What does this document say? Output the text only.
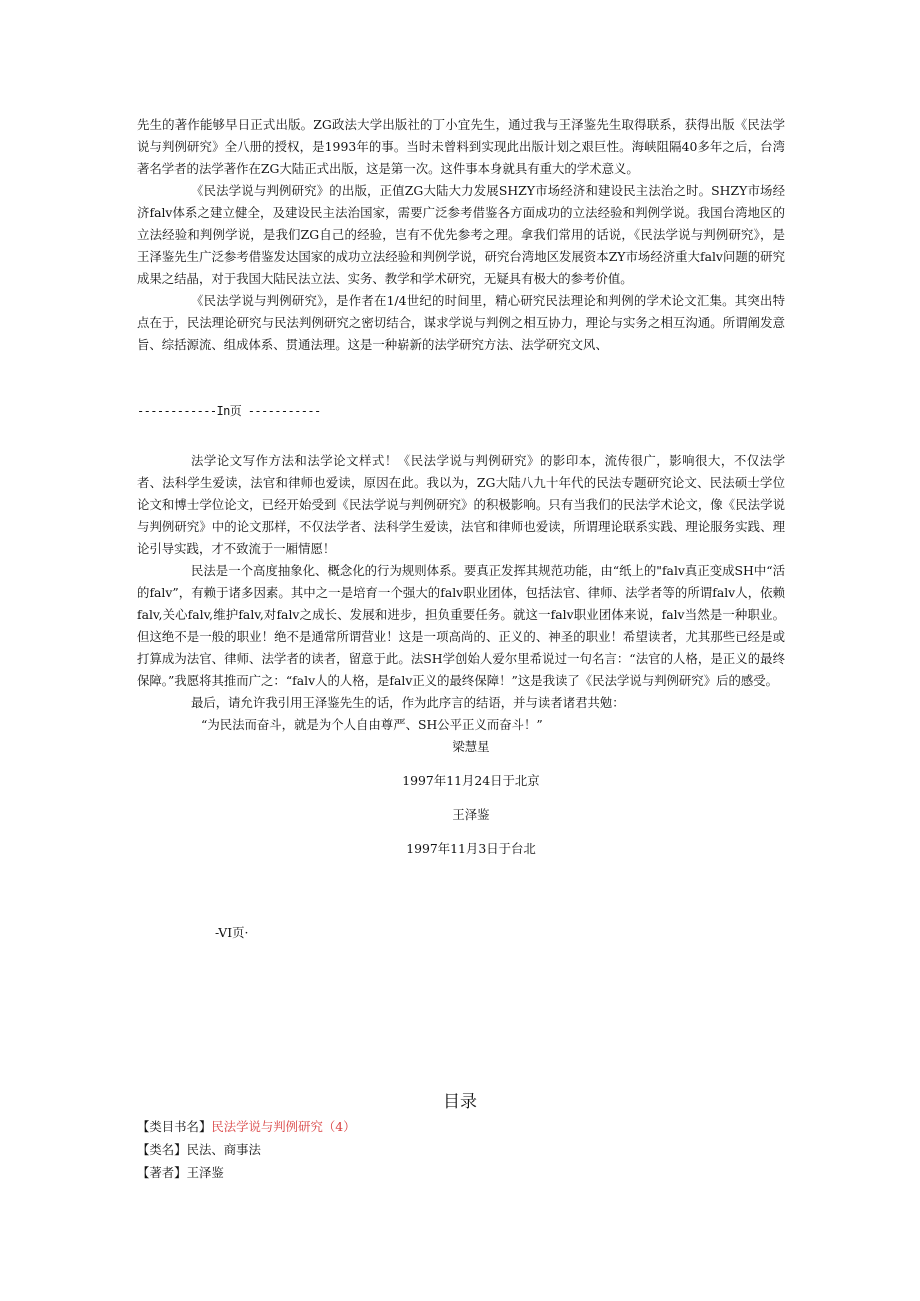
先生的著作能够早日正式出版。ZG政法大学出版社的丁小宜先生，通过我与王泽鉴先生取得联系，获得出版《民法学说与判例研究》全八册的授权，是1993年的事。当时未曾料到实现此出版计划之艰巨性。海峡阻隔40多年之后，台湾著名学者的法学著作在ZG大陆正式出版，这是第一次。这件事本身就具有重大的学术意义。

《民法学说与判例研究》的出版，正值ZG大陆大力发展SHZY市场经济和建设民主法治之时。SHZY市场经济falv体系之建立健全，及建设民主法治国家，需要广泛参考借鉴各方面成功的立法经验和判例学说。我国台湾地区的立法经验和判例学说，是我们ZG自己的经验，岂有不优先参考之理。拿我们常用的话说，《民法学说与判例研究》，是王泽鉴先生广泛参考借鉴发达国家的成功立法经验和判例学说，研究台湾地区发展资本ZY市场经济重大falv问题的研究成果之结晶，对于我国大陆民法立法、实务、教学和学术研究，无疑具有极大的参考价值。

《民法学说与判例研究》，是作者在1/4世纪的时间里，精心研究民法理论和判例的学术论文汇集。其突出特点在于，民法理论研究与民法判例研究之密切结合，谋求学说与判例之相互协力，理论与实务之相互沟通。所谓阐发意旨、综括源流、组成体系、贯通法理。这是一种崭新的法学研究方法、法学研究文风、

------------In页 -----------

法学论文写作方法和法学论文样式！《民法学说与判例研究》的影印本，流传很广，影响很大，不仅法学者、法科学生爱读，法官和律师也爱读，原因在此。我以为，ZG大陆八九十年代的民法专题研究论文、民法硕士学位论文和博士学位论文，已经开始受到《民法学说与判例研究》的积极影响。只有当我们的民法学术论文，像《民法学说与判例研究》中的论文那样，不仅法学者、法科学生爱读，法官和律师也爱读，所谓理论联系实践、理论服务实践、理论引导实践，才不致流于一厢情愿！

民法是一个高度抽象化、概念化的行为规则体系。要真正发挥其规范功能，由“纸上的"falv真正变成SH中“活的falv”，有赖于诸多因素。其中之一是培育一个强大的falv职业团体，包括法官、律师、法学者等的所谓falv人，依赖falv,关心falv,维护falv,对falv之成长、发展和进步，担负重要任务。就这一falv职业团体来说，falv当然是一种职业。但这绝不是一般的职业！绝不是通常所谓营业！这是一项高尚的、正义的、神圣的职业！希望读者，尤其那些已经是或打算成为法官、律师、法学者的读者，留意于此。法SH学创始人爱尔里希说过一句名言：“法官的人格，是正义的最终保障。”我愿将其推而广之：“falv人的人格，是falv正义的最终保障！”这是我读了《民法学说与判例研究》后的感受。

最后，请允许我引用王泽鉴先生的话，作为此序言的结语，并与读者诸君共勉：

“为民法而奋斗，就是为个人自由尊严、SH公平正义而奋斗！”

梁慧星

1997年11月24日于北京

王泽鉴

1997年11月3日于台北

-VI页·
目录

【类目书名】民法学说与判例研究（4）

【类名】民法、商事法

【著者】王泽鉴
